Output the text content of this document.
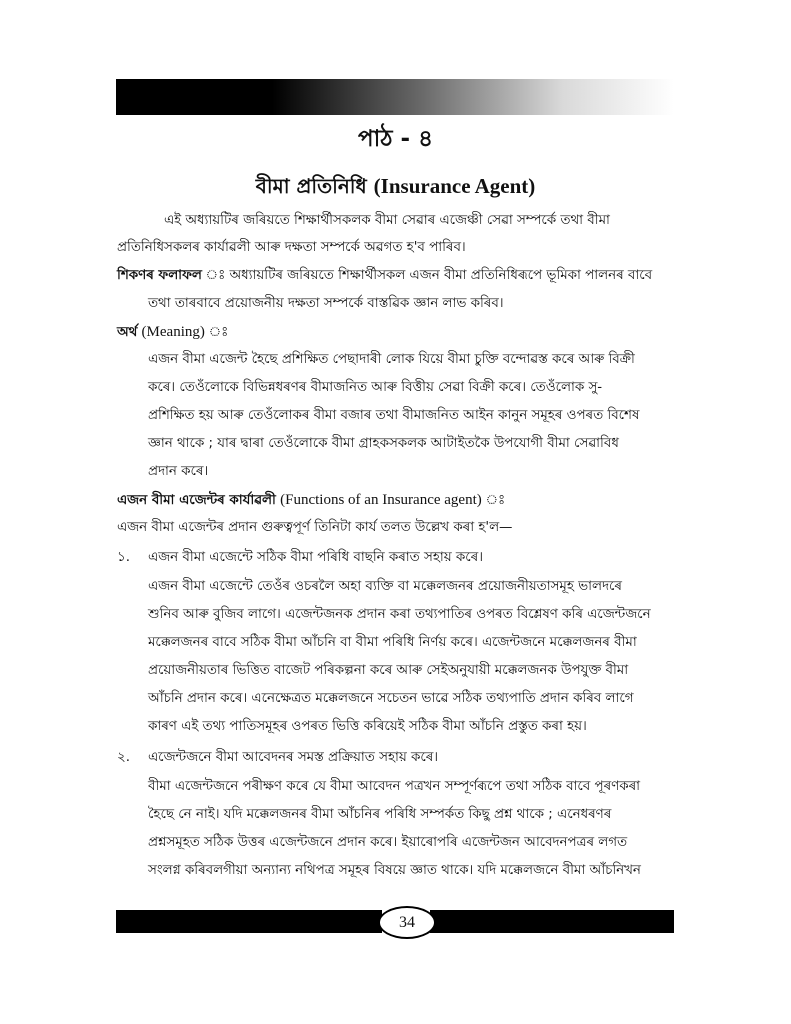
পাঠ - ৪
বীমা প্ৰতিনিধি (Insurance Agent)
এই অধ্যায়টিৰ জৰিয়তে শিক্ষাৰ্থীসকলক বীমা সেৱাৰ এজেঞ্চী সেৱা সম্পৰ্কে তথা বীমা
প্ৰতিনিধিসকলৰ কাৰ্যাৱলী আৰু দক্ষতা সম্পৰ্কে অৱগত হ'ব পাৰিব।
শিকণৰ ফলাফল ঃ অধ্যায়টিৰ জৰিয়তে শিক্ষাৰ্থীসকল এজন বীমা প্ৰতিনিধিৰূপে ভূমিকা পালনৰ বাবে
তথা তাৰবাবে প্ৰয়োজনীয় দক্ষতা সম্পৰ্কে বাস্তৱিক জ্ঞান লাভ কৰিব।
অৰ্থ (Meaning)
এজন বীমা এজেন্ট হৈছে প্ৰশিক্ষিত পেছাদাৰী লোক যিয়ে বীমা চুক্তি বন্দোৱস্ত কৰে আৰু বিক্ৰী
কৰে। তেওঁলোকে বিভিন্নধৰণৰ বীমাজনিত আৰু বিত্তীয় সেৱা বিক্ৰী কৰে। তেওঁলোক সু-
প্ৰশিক্ষিত হয় আৰু তেওঁলোকৰ বীমা বজাৰ তথা বীমাজনিত আইন কানুন সমূহৰ ওপৰত বিশেষ
জ্ঞান থাকে ; যাৰ দ্বাৰা তেওঁলোকে বীমা গ্ৰাহকসকলক আটাইতকৈ উপযোগী বীমা সেৱাবিধ
প্ৰদান কৰে।
এজন বীমা এজেন্টৰ কাৰ্যাৱলী (Functions of an Insurance agent)
এজন বীমা এজেন্টৰ প্ৰদান গুৰুত্বপূৰ্ণ তিনিটা কাৰ্য তলত উল্লেখ কৰা হ'ল—
১. এজন বীমা এজেন্টে সঠিক বীমা পৰিধি বাছনি কৰাত সহায় কৰে।
এজন বীমা এজেন্টে তেওঁৰ ওচৰলৈ অহা ব্যক্তি বা মক্কেলজনৰ প্ৰয়োজনীয়তাসমূহ ভালদৰে
শুনিব আৰু বুজিব লাগে। এজেন্টজনক প্ৰদান কৰা তথ্যপাতিৰ ওপৰত বিশ্লেষণ কৰি এজেন্টজনে
মক্কেলজনৰ বাবে সঠিক বীমা আঁচনি বা বীমা পৰিধি নিৰ্ণয় কৰে। এজেন্টজনে মক্কেলজনৰ বীমা
প্ৰয়োজনীয়তাৰ ভিত্তিত বাজেট পৰিকল্পনা কৰে আৰু সেইঅনুযায়ী মক্কেলজনক উপযুক্ত বীমা
আঁচনি প্ৰদান কৰে। এনেক্ষেত্ৰত মক্কেলজনে সচেতন ভাৱে সঠিক তথ্যপাতি প্ৰদান কৰিব লাগে
কাৰণ এই তথ্য পাতিসমূহৰ ওপৰত ভিত্তি কৰিয়েই সঠিক বীমা আঁচনি প্ৰস্তুত কৰা হয়।
২. এজেন্টজনে বীমা আবেদনৰ সমস্ত প্ৰক্ৰিয়াত সহায় কৰে।
বীমা এজেন্টজনে পৰীক্ষণ কৰে যে বীমা আবেদন পত্ৰখন সম্পূৰ্ণৰূপে তথা সঠিক বাবে পূৰণকৰা
হৈছে নে নাই। যদি মক্কেলজনৰ বীমা আঁচনিৰ পৰিধি সম্পৰ্কত কিছু প্ৰশ্ন থাকে ; এনেধৰণৰ
প্ৰশ্নসমূহত সঠিক উত্তৰ এজেন্টজনে প্ৰদান কৰে। ইয়াৰোপৰি এজেন্টজন আবেদনপত্ৰৰ লগত
সংলগ্ন কৰিবলগীয়া অন্যান্য নথিপত্ৰ সমূহৰ বিষয়ে জ্ঞাত থাকে। যদি মক্কেলজনে বীমা আঁচনিখন
34
